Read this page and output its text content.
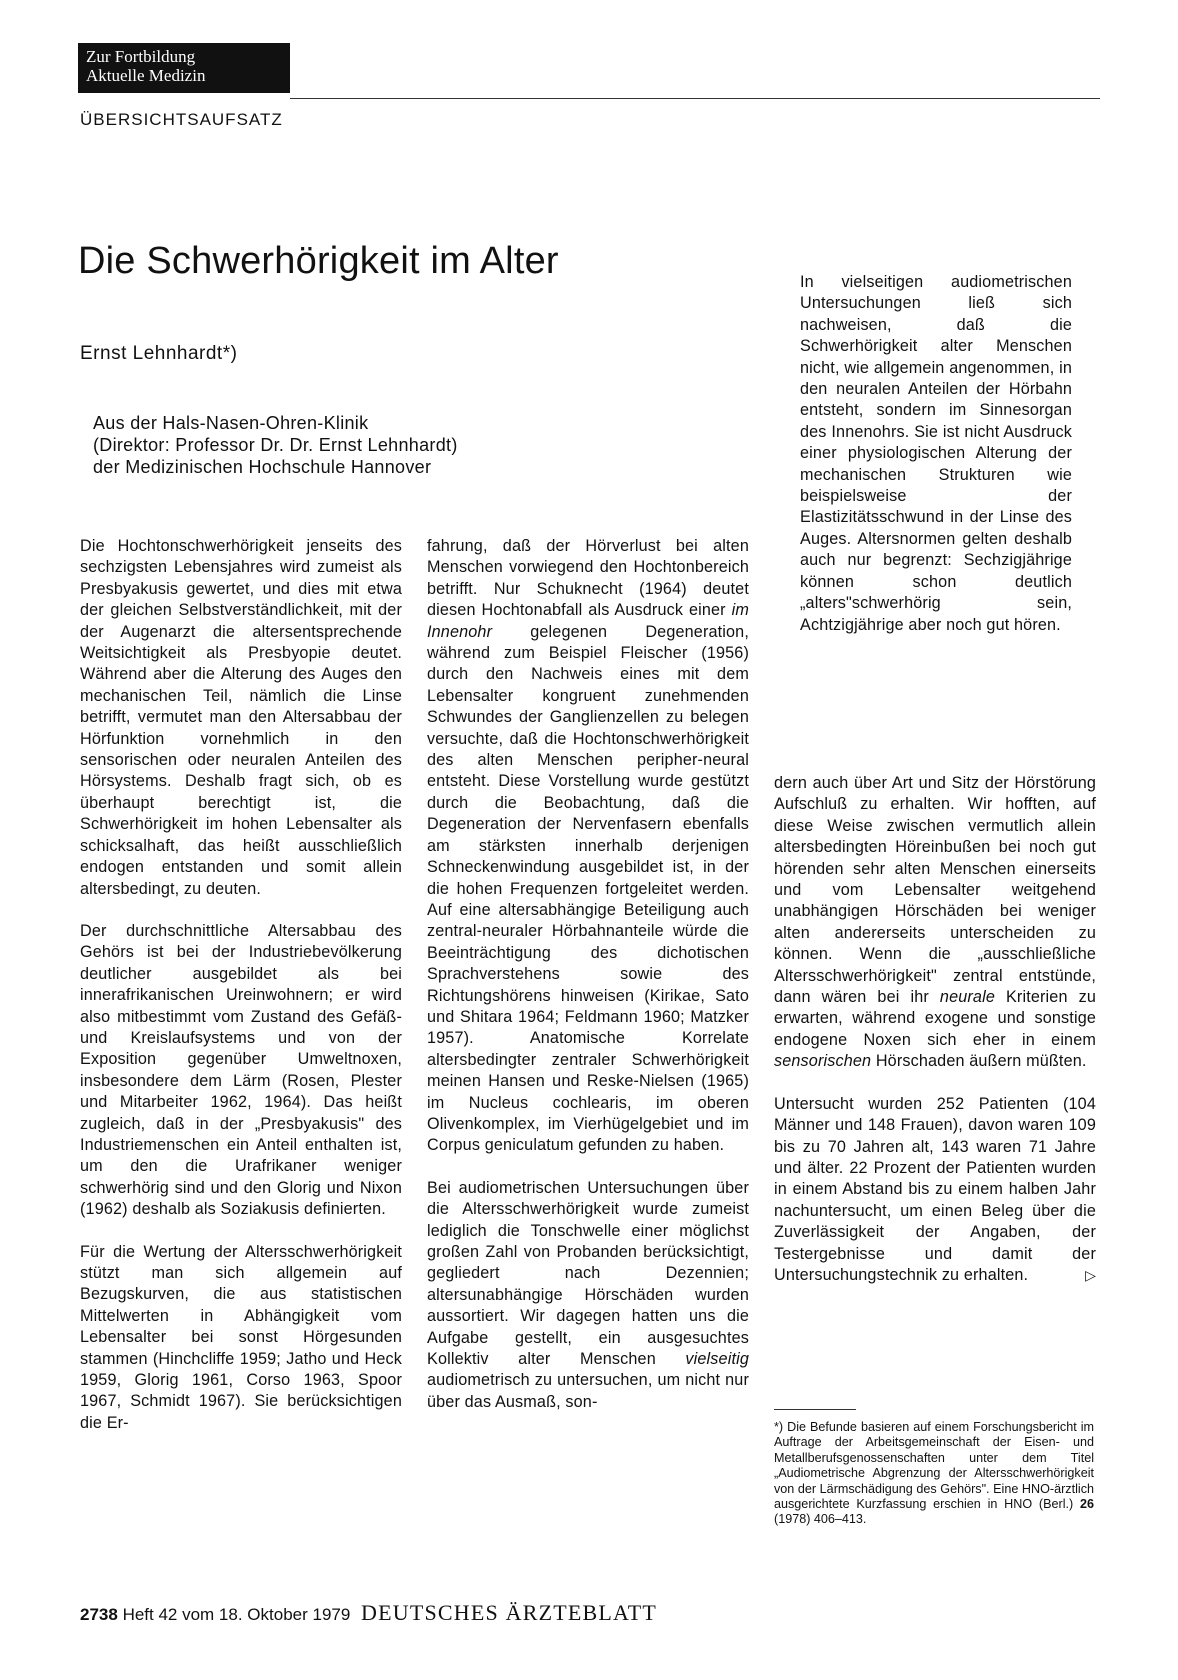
Zur Fortbildung
Aktuelle Medizin
ÜBERSICHTSAUFSATZ
Die Schwerhörigkeit im Alter
Ernst Lehnhardt*)
Aus der Hals-Nasen-Ohren-Klinik
(Direktor: Professor Dr. Dr. Ernst Lehnhardt)
der Medizinischen Hochschule Hannover

Die Hochtonschwerhörigkeit jenseits des sechzigsten Lebensjahres wird zumeist als Presbyakusis gewertet, und dies mit etwa der gleichen Selbstverständlichkeit, mit der der Augenarzt die altersentsprechende Weitsichtigkeit als Presbyopie deutet. Während aber die Alterung des Auges den mechanischen Teil, nämlich die Linse betrifft, vermutet man den Altersabbau der Hörfunktion vornehmlich in den sensorischen oder neuralen Anteilen des Hörsystems. Deshalb fragt sich, ob es überhaupt berechtigt ist, die Schwerhörigkeit im hohen Lebensalter als schicksalhaft, das heißt ausschließlich endogen entstanden und somit allein altersbedingt, zu deuten.

Der durchschnittliche Altersabbau des Gehörs ist bei der Industriebevölkerung deutlicher ausgebildet als bei innerafrikanischen Ureinwohnern; er wird also mitbestimmt vom Zustand des Gefäß- und Kreislaufsystems und von der Exposition gegenüber Umweltnoxen, insbesondere dem Lärm (Rosen, Plester und Mitarbeiter 1962, 1964). Das heißt zugleich, daß in der „Presbyakusis" des Industriemenschen ein Anteil enthalten ist, um den die Urafrikaner weniger schwerhörig sind und den Glorig und Nixon (1962) deshalb als Soziakusis definierten.

Für die Wertung der Altersschwerhörigkeit stützt man sich allgemein auf Bezugskurven, die aus statistischen Mittelwerten in Abhängigkeit vom Lebensalter bei sonst Hörgesunden stammen (Hinchcliffe 1959; Jatho und Heck 1959, Glorig 1961, Corso 1963, Spoor 1967, Schmidt 1967). Sie berücksichtigen die Er-

fahrung, daß der Hörverlust bei alten Menschen vorwiegend den Hochtonbereich betrifft. Nur Schuknecht (1964) deutet diesen Hochtonabfall als Ausdruck einer im Innenohr gelegenen Degeneration, während zum Beispiel Fleischer (1956) durch den Nachweis eines mit dem Lebensalter kongruent zunehmenden Schwundes der Ganglienzellen zu belegen versuchte, daß die Hochtonschwerhörigkeit des alten Menschen peripher-neural entsteht. Diese Vorstellung wurde gestützt durch die Beobachtung, daß die Degeneration der Nervenfasern ebenfalls am stärksten innerhalb derjenigen Schneckenwindung ausgebildet ist, in der die hohen Frequenzen fortgeleitet werden. Auf eine altersabhängige Beteiligung auch zentral-neuraler Hörbahnanteile würde die Beeinträchtigung des dichotischen Sprachverstehens sowie des Richtungshörens hinweisen (Kirikae, Sato und Shitara 1964; Feldmann 1960; Matzker 1957). Anatomische Korrelate altersbedingter zentraler Schwerhörigkeit meinen Hansen und Reske-Nielsen (1965) im Nucleus cochlearis, im oberen Olivenkomplex, im Vierhügelgebiet und im Corpus geniculatum gefunden zu haben.

Bei audiometrischen Untersuchungen über die Altersschwerhörigkeit wurde zumeist lediglich die Tonschwelle einer möglichst großen Zahl von Probanden berücksichtigt, gegliedert nach Dezennien; altersunabhängige Hörschäden wurden aussortiert. Wir dagegen hatten uns die Aufgabe gestellt, ein ausgesuchtes Kollektiv alter Menschen vielseitig audiometrisch zu untersuchen, um nicht nur über das Ausmaß, son-

In vielseitigen audiometrischen Untersuchungen ließ sich nachweisen, daß die Schwerhörigkeit alter Menschen nicht, wie allgemein angenommen, in den neuralen Anteilen der Hörbahn entsteht, sondern im Sinnesorgan des Innenohrs. Sie ist nicht Ausdruck einer physiologischen Alterung der mechanischen Strukturen wie beispielsweise der Elastizitätsschwund in der Linse des Auges. Altersnormen gelten deshalb auch nur begrenzt: Sechzigjährige können schon deutlich „alters"schwerhörig sein, Achtzigjährige aber noch gut hören.

dern auch über Art und Sitz der Hörstörung Aufschluß zu erhalten. Wir hofften, auf diese Weise zwischen vermutlich allein altersbedingten Höreinbußen bei noch gut hörenden sehr alten Menschen einerseits und vom Lebensalter weitgehend unabhängigen Hörschäden bei weniger alten andererseits unterscheiden zu können. Wenn die „ausschließliche Altersschwerhörigkeit" zentral entstünde, dann wären bei ihr neurale Kriterien zu erwarten, während exogene und sonstige endogene Noxen sich eher in einem sensorischen Hörschaden äußern müßten.

Untersucht wurden 252 Patienten (104 Männer und 148 Frauen), davon waren 109 bis zu 70 Jahren alt, 143 waren 71 Jahre und älter. 22 Prozent der Patienten wurden in einem Abstand bis zu einem halben Jahr nachuntersucht, um einen Beleg über die Zuverlässigkeit der Angaben, der Testergebnisse und damit der Untersuchungstechnik zu erhalten.	▷

*) Die Befunde basieren auf einem Forschungsbericht im Auftrage der Arbeitsgemeinschaft der Eisen- und Metallberufsgenossenschaften unter dem Titel „Audiometrische Abgrenzung der Altersschwerhörigkeit von der Lärmschädigung des Gehörs". Eine HNO-ärztlich ausgerichtete Kurzfassung erschien in HNO (Berl.) 26 (1978) 406–413.
2738 Heft 42 vom 18. Oktober 1979 DEUTSCHES ÄRZTEBLATT
